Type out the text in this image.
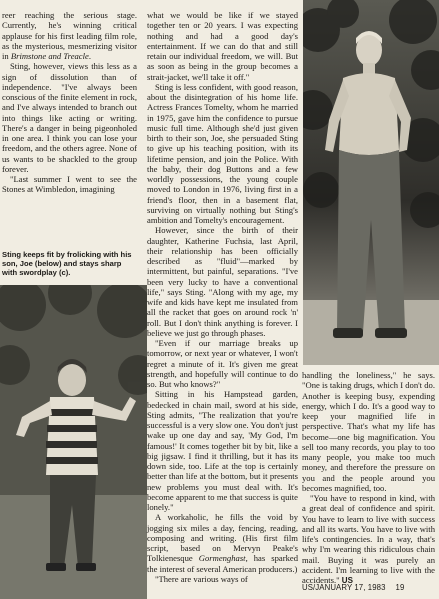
reer reaching the serious stage. Currently, he's winning critical applause for his first leading film role, as the mysterious, mesmerizing visitor in Brimstone and Treacle.

Sting, however, views this less as a sign of dissolution than of independence. "I've always been conscious of the finite element in rock, and I've always intended to branch out into things like acting or writing. There's a danger in being pigeonholed in one area. I think you can lose your freedom, and the others agree. None of us wants to be shackled to the group forever.

"Last summer I went to see the Stones at Wimbledon, imagining

Sting keeps fit by frolicking with his son, Joe (below) and stays sharp with swordplay (c).

what we would be like if we stayed together ten or 20 years. I was expecting nothing and had a good day's entertainment. If we can do that and still retain our individual freedom, we will. But as soon as being in the group becomes a strait-jacket, we'll take it off."

Sting is less confident, with good reason, about the disintegration of his home life. Actress Frances Tomelty, whom he married in 1975, gave him the confidence to pursue music full time. Although she'd just given birth to their son, Joe, she persuaded Sting to give up his teaching position, with its lifetime pension, and join the Police. With the baby, their dog Buttons and a few worldly possessions, the young couple moved to London in 1976, living first in a friend's floor, then in a basement flat, surviving on virtually nothing but Sting's ambition and Tomelty's encouragement.

However, since the birth of their daughter, Katherine Fuchsia, last April, their relationship has been officially described as "fluid"—marked by intermittent, but painful, separations. "I've been very lucky to have a conventional life," says Sting. "Along with my age, my wife and kids have kept me insulated from all the racket that goes on around rock 'n' roll. But I don't think anything is forever. I believe we just go through phases.

"Even if our marriage breaks up tomorrow, or next year or whatever, I won't regret a minute of it. It's given me great strength, and hopefully will continue to do so. But who knows?"

Sitting in his Hampstead garden, bedecked in chain mail, sword at his side, Sting admits, "The realization that you're successful is a very slow one. You don't just wake up one day and say, 'My God, I'm famous!' It comes together bit by bit, like a big jigsaw. I find it thrilling, but it has its down side, too. Life at the top is certainly better than life at the bottom, but it presents new problems you must deal with. It's become apparent to me that success is quite lonely."

A workaholic, he fills the void by jogging six miles a day, fencing, reading, composing and writing. (His first film script, based on Mervyn Peake's Tolkienesque Gormenghast, has sparked the interest of several American producers.)

"There are various ways of

handling the loneliness," he says. "One is taking drugs, which I don't do. Another is keeping busy, expending energy, which I do. It's a good way to keep your magnified life in perspective. That's what my life has become—one big magnification. You sell too many records, you play to too many people, you make too much money, and therefore the pressure on you and the people around you becomes magnified, too.

"You have to respond in kind, with a great deal of confidence and spirit. You have to learn to live with success and all its warts. You have to live with life's contingencies. In a way, that's why I'm wearing this ridiculous chain mail. Buying it was purely an accident. I'm learning to live with the accidents." US

US/JANUARY 17, 1983 19
